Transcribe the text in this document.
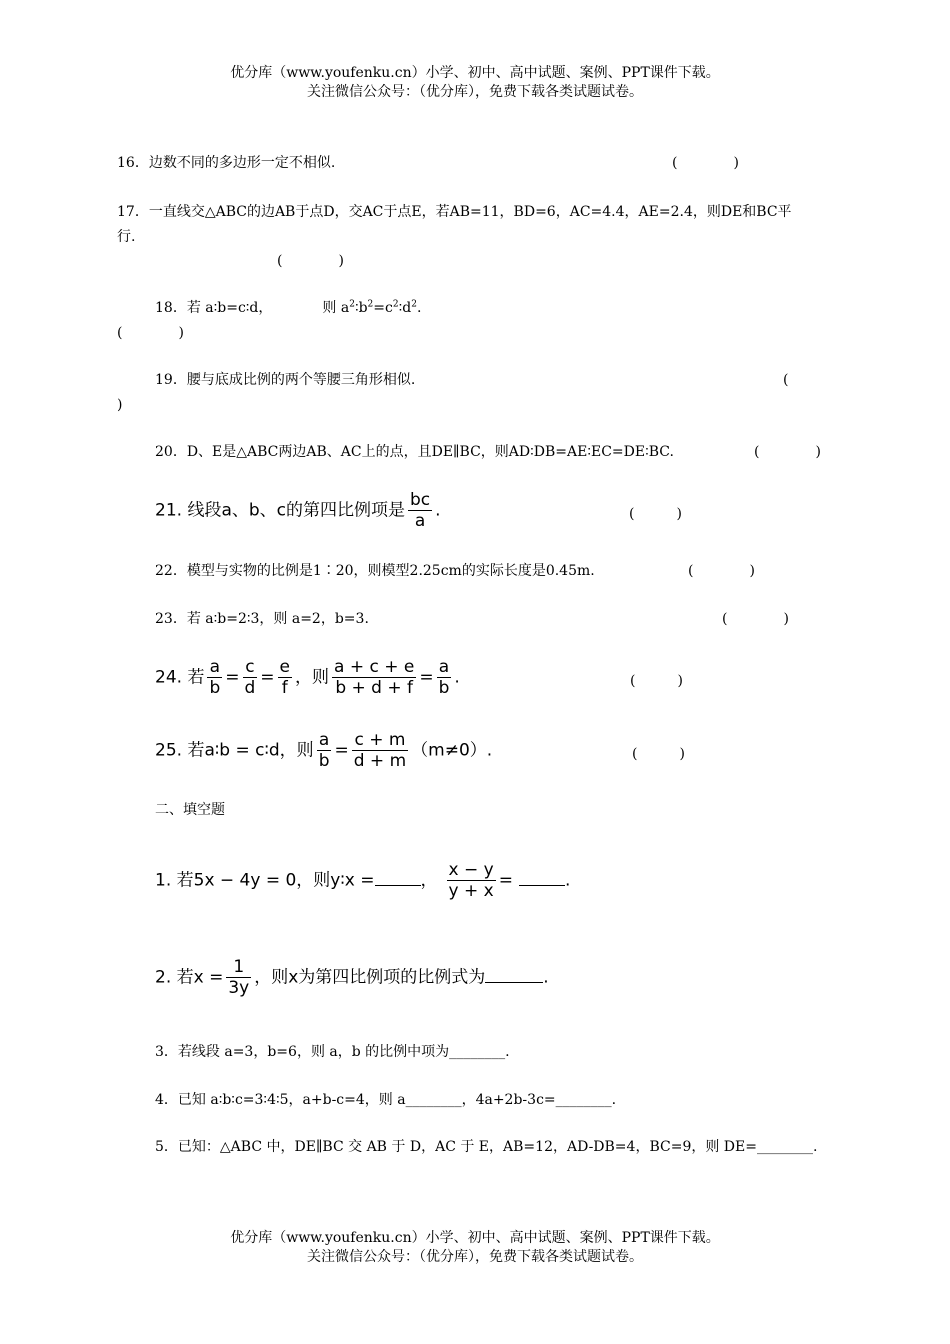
优分库（www.youfenku.cn）小学、初中、高中试题、案例、PPT课件下载。
关注微信公众号：（优分库），免费下载各类试题试卷。
16．边数不同的多边形一定不相似.	(　　　　)
17．一直线交△ABC的边AB于点D，交AC于点E，若AB=11，BD=6，AC=4.4，AE=2.4，则DE和BC平
行.
(　　　　)
18．若 a∶b=c∶d，	则 $a^2∶b^2=c^2∶d^2$.
(　　　　)
19．腰与底成比例的两个等腰三角形相似.	(
)
20．D、E是△ABC两边AB、AC上的点，且DE∥BC，则AD∶DB=AE∶EC=DE∶BC.	(　　　　)
21. 线段a、b、c的第四比例项是 $\frac{bc}{a}$ .	(　　　)
22．模型与实物的比例是1∶20，则模型2.25cm的实际长度是0.45m.	(　　　　)
23．若 a∶b=2∶3，则 a=2，b=3.	(　　　　)
24. 若 $\frac{a}{b} = \frac{c}{d} = \frac{e}{f}$ ，则 $\frac{a + c + e}{b + d + f} = \frac{a}{b}$ .	(　　　)
25. 若a∶b = c∶d，则 $\frac{a}{b} = \frac{c + m}{d + m} (m\ne 0)$.	(　　　)
二、填空题
1. 若5x − 4y = 0，则y∶x =	， $\frac{x - y}{y + x}$ =	.
2. 若$x = \frac{1}{3y}$ ，则x为第四比例项的比例式为	.
3．若线段 a=3，b=6，则 a，b 的比例中项为________.
4．已知 a∶b∶c=3∶4∶5，a+b-c=4，则 a________，4a+2b-3c=________.
5．已知：△ABC 中，DE∥BC 交 AB 于 D，AC 于 E，AB=12，AD-DB=4，BC=9，则 DE=________.
优分库（www.youfenku.cn）小学、初中、高中试题、案例、PPT课件下载。
关注微信公众号：（优分库），免费下载各类试题试卷。
